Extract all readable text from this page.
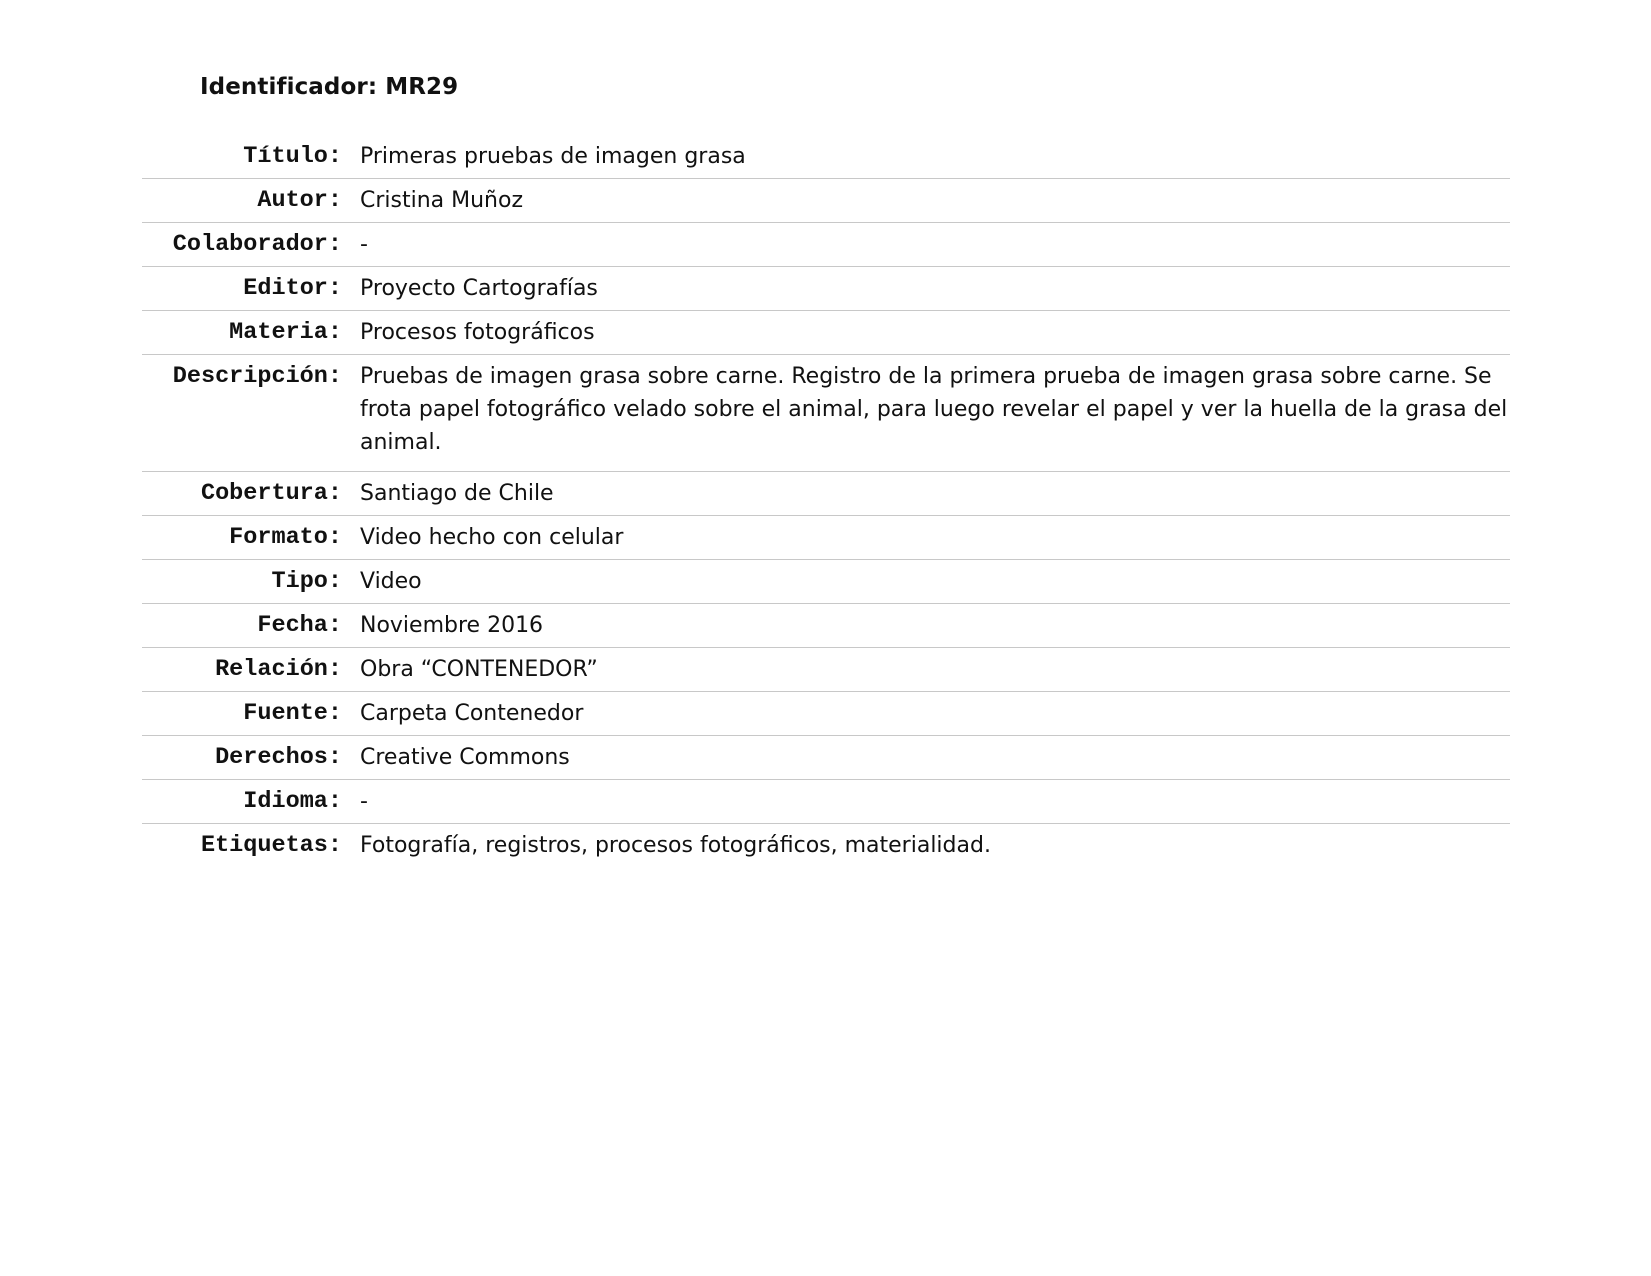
Identificador: MR29
Título:	Primeras pruebas de imagen grasa

Autor:	Cristina Muñoz

Colaborador:	-

Editor:	Proyecto Cartografías

Materia:	Procesos fotográficos

Descripción:	Pruebas de imagen grasa sobre carne. Registro de la primera prueba de imagen grasa sobre carne. Se frota papel fotográfico velado sobre el animal, para luego revelar el papel y ver la huella de la grasa del animal.

Cobertura:	Santiago de Chile

Formato:	Video hecho con celular

Tipo:	Video

Fecha:	Noviembre 2016

Relación:	Obra “CONTENEDOR”

Fuente:	Carpeta Contenedor

Derechos:	Creative Commons

Idioma:	-

Etiquetas:	Fotografía, registros, procesos fotográficos, materialidad.
